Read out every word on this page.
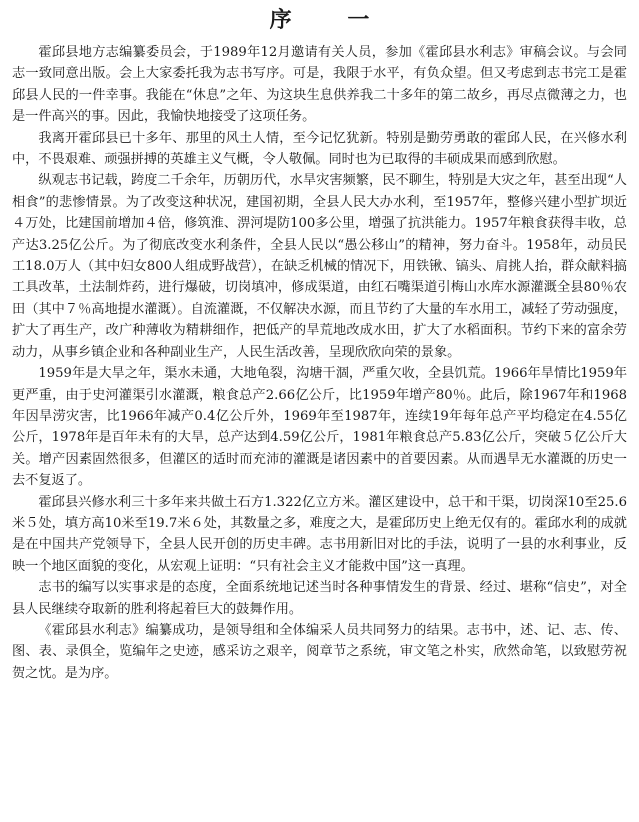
序 一

霍邱县地方志编纂委员会，于1989年12月邀请有关人员，参加《霍邱县水利志》审稿会议。与会同志一致同意出版。会上大家委托我为志书写序。可是，我限于水平，有负众望。但又考虑到志书完工是霍邱县人民的一件幸事。我能在“休息”之年、为这块生息供养我二十多年的第二故乡，再尽点微薄之力，也是一件高兴的事。因此，我愉快地接受了这项任务。

我离开霍邱县已十多年、那里的风土人情，至今记忆犹新。特别是勤劳勇敢的霍邱人民，在兴修水利中，不畏艰难、顽强拼搏的英雄主义气概，令人敬佩。同时也为已取得的丰硕成果而感到欣慰。

纵观志书记载，跨度二千余年，历朝历代，水旱灾害频繁，民不聊生，特别是大灾之年，甚至出现“人相食”的悲惨情景。为了改变这种状况，建国初期，全县人民大办水利，至1957年，整修兴建小型扩坝近４万处，比建国前增加４倍，修筑淮、淠河堤防100多公里，增强了抗洪能力。1957年粮食获得丰收，总产达3.25亿公斤。为了彻底改变水利条件，全县人民以“愚公移山”的精神，努力奋斗。1958年，动员民工18.0万人（其中妇女800人组成野战营），在缺乏机械的情况下，用铁锹、镐头、肩挑人抬，群众献料搞工具改革，土法制炸药，进行爆破，切岗填冲，修成渠道，由红石嘴渠道引梅山水库水源灌溉全县80％农田（其中７％高地提水灌溉）。自流灌溉，不仅解决水源，而且节约了大量的车水用工，减轻了劳动强度，扩大了再生产，改广种薄收为精耕细作，把低产的旱荒地改成水田，扩大了水稻面积。节约下来的富余劳动力，从事乡镇企业和各种副业生产，人民生活改善，呈现欣欣向荣的景象。

1959年是大旱之年，渠水未通，大地龟裂，沟塘干涸，严重欠收，全县饥荒。1966年旱情比1959年更严重，由于史河灌渠引水灌溉，粮食总产2.66亿公斤，比1959年增产80％。此后，除1967年和1968年因旱涝灾害，比1966年减产0.4亿公斤外，1969年至1987年，连续19年每年总产平均稳定在4.55亿公斤，1978年是百年未有的大旱，总产达到4.59亿公斤，1981年粮食总产5.83亿公斤，突破５亿公斤大关。增产因素固然很多，但灌区的适时而充沛的灌溉是诸因素中的首要因素。从而遇旱无水灌溉的历史一去不复返了。

霍邱县兴修水利三十多年来共做土石方1.322亿立方米。灌区建设中，总干和干渠，切岗深10至25.6米５处，填方高10米至19.7米６处，其数量之多，难度之大，是霍邱历史上绝无仅有的。霍邱水利的成就是在中国共产党领导下，全县人民开创的历史丰碑。志书用新旧对比的手法，说明了一县的水利事业，反映一个地区面貌的变化，从宏观上证明：“只有社会主义才能救中国”这一真理。

志书的编写以实事求是的态度，全面系统地记述当时各种事情发生的背景、经过、堪称“信史”，对全县人民继续夺取新的胜利将起着巨大的鼓舞作用。

《霍邱县水利志》编纂成功，是领导组和全体编采人员共同努力的结果。志书中，述、记、志、传、图、表、录俱全，览编年之史迹，感采访之艰辛，阅章节之系统，审文笔之朴实，欣然命笔，以致慰劳祝贺之忱。是为序。
